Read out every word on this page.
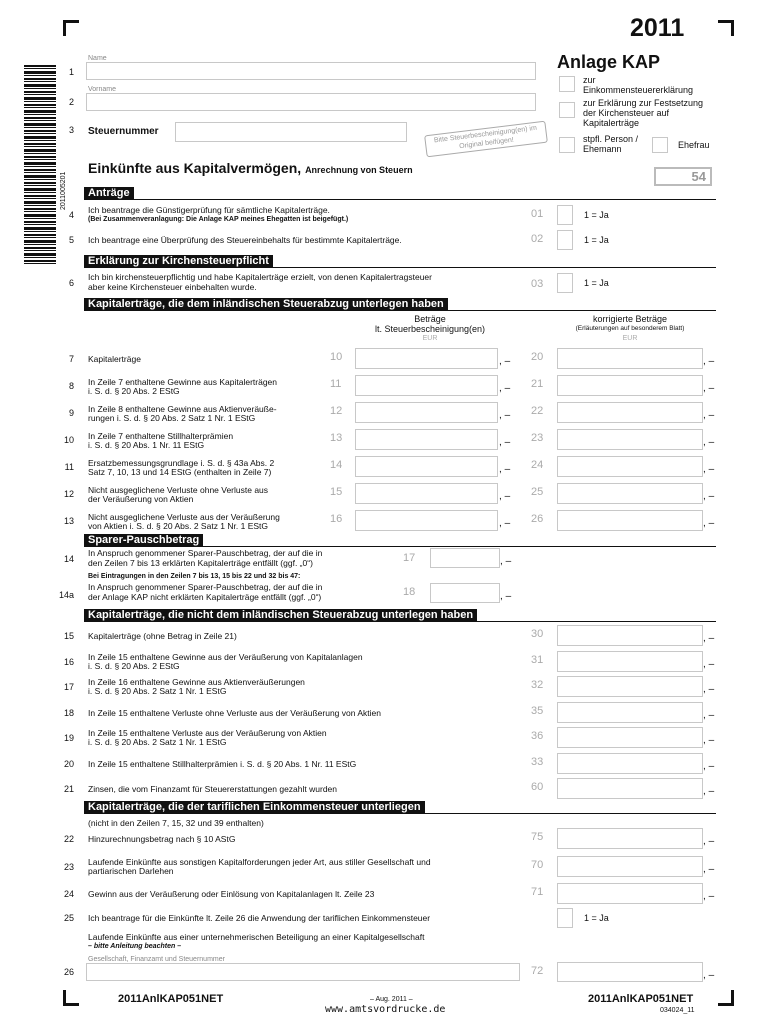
2011
2011005201
1
2
3
Name
Vorname
Steuernummer	Bitte Steuerbescheinigung(en) im Original beifügen!
Anlage KAP
zur
Einkommensteuererklärung
zur Erklärung zur Festsetzung der Kirchensteuer auf Kapitalerträge
stpfl. Person / Ehemann	Ehefrau
Einkünfte aus Kapitalvermögen, Anrechnung von Steuern	54
Anträge
4 Ich beantrage die Günstigerprüfung für sämtliche Kapitalerträge.
(Bei Zusammenveranlagung: Die Anlage KAP meines Ehegatten ist beigefügt.)	01	1 = Ja
5 Ich beantrage eine Überprüfung des Steuereinbehalts für bestimmte Kapitalerträge.	02	1 = Ja
Erklärung zur Kirchensteuerpflicht
6
Ich bin kirchensteuerpflichtig und habe Kapitalerträge erzielt, von denen Kapitalertragsteuer
aber keine Kirchensteuer einbehalten wurde.	03	1 = Ja
Kapitalerträge, die dem inländischen Steuerabzug unterlegen haben
Beträge
lt. Steuerbescheinigung(en)
EUR
korrigierte Beträge
(Erläuterungen auf besonderem Blatt)
EUR
7 Kapitalerträge	10	, – 20	, –
8 In Zeile 7 enthaltene Gewinne aus Kapitalerträgen
i. S. d. § 20 Abs. 2 EStG
11	, – 21	, –
9 In Zeile 8 enthaltene Gewinne aus Aktienveräuße-
rungen i. S. d. § 20 Abs. 2 Satz 1 Nr. 1 EStG
12	, – 22	, –
10 In Zeile 7 enthaltene Stillhalterprämien
i. S. d. § 20 Abs. 1 Nr. 11 EStG
13	, – 23	, –
11 Ersatzbemessungsgrundlage i. S. d. § 43a Abs. 2
Satz 7, 10, 13 und 14 EStG (enthalten in Zeile 7)
14	, – 24	, –
12 Nicht ausgeglichene Verluste ohne Verluste aus
der Veräußerung von Aktien
15	, – 25	, –
13 Nicht ausgeglichene Verluste aus der Veräußerung
von Aktien i. S. d. § 20 Abs. 2 Satz 1 Nr. 1 EStG
16	, – 26	, –
Sparer-Pauschbetrag
14
In Anspruch genommener Sparer-Pauschbetrag, der auf die in
den Zeilen 7 bis 13 erklärten Kapitalerträge entfällt (ggf. „0“)	17	, –
Bei Eintragungen in den Zeilen 7 bis 13, 15 bis 22 und 32 bis 47:
14a
In Anspruch genommener Sparer-Pauschbetrag, der auf die in
der Anlage KAP nicht erklärten Kapitalerträge entfällt (ggf. „0“)	18	, –
Kapitalerträge, die nicht dem inländischen Steuerabzug unterlegen haben
15 Kapitalerträge (ohne Betrag in Zeile 21)	30	, –
16 In Zeile 15 enthaltene Gewinne aus der Veräußerung von Kapitalanlagen
i. S. d. § 20 Abs. 2 EStG	31	, –
17 In Zeile 16 enthaltene Gewinne aus Aktienveräußerungen
i. S. d. § 20 Abs. 2 Satz 1 Nr. 1 EStG	32	, –
18 In Zeile 15 enthaltene Verluste ohne Verluste aus der Veräußerung von Aktien	35	, –
19 In Zeile 15 enthaltene Verluste aus der Veräußerung von Aktien
i. S. d. § 20 Abs. 2 Satz 1 Nr. 1 EStG	36	, –
20 In Zeile 15 enthaltene Stillhalterprämien i. S. d. § 20 Abs. 1 Nr. 11 EStG	33	, –
21 Zinsen, die vom Finanzamt für Steuererstattungen gezahlt wurden	60	, –
Kapitalerträge, die der tariflichen Einkommensteuer unterliegen
(nicht in den Zeilen 7, 15, 32 und 39 enthalten)
22 Hinzurechnungsbetrag nach § 10 AStG	75	, –
23 Laufende Einkünfte aus sonstigen Kapitalforderungen jeder Art, aus stiller Gesellschaft und
partiarischen Darlehen	70	, –
24 Gewinn aus der Veräußerung oder Einlösung von Kapitalanlagen lt. Zeile 23	71	, –
25 Ich beantrage für die Einkünfte lt. Zeile 26 die Anwendung der tariflichen Einkommensteuer	1 = Ja
Laufende Einkünfte aus einer unternehmerischen Beteiligung an einer Kapitalgesellschaft
– bitte Anleitung beachten –
Gesellschaft, Finanzamt und Steuernummer
26	72	, –
2011AnlKAP051NET	– Aug. 2011 –
www.amtsvordrucke.de
2011AnlKAP051NET
034024_11
